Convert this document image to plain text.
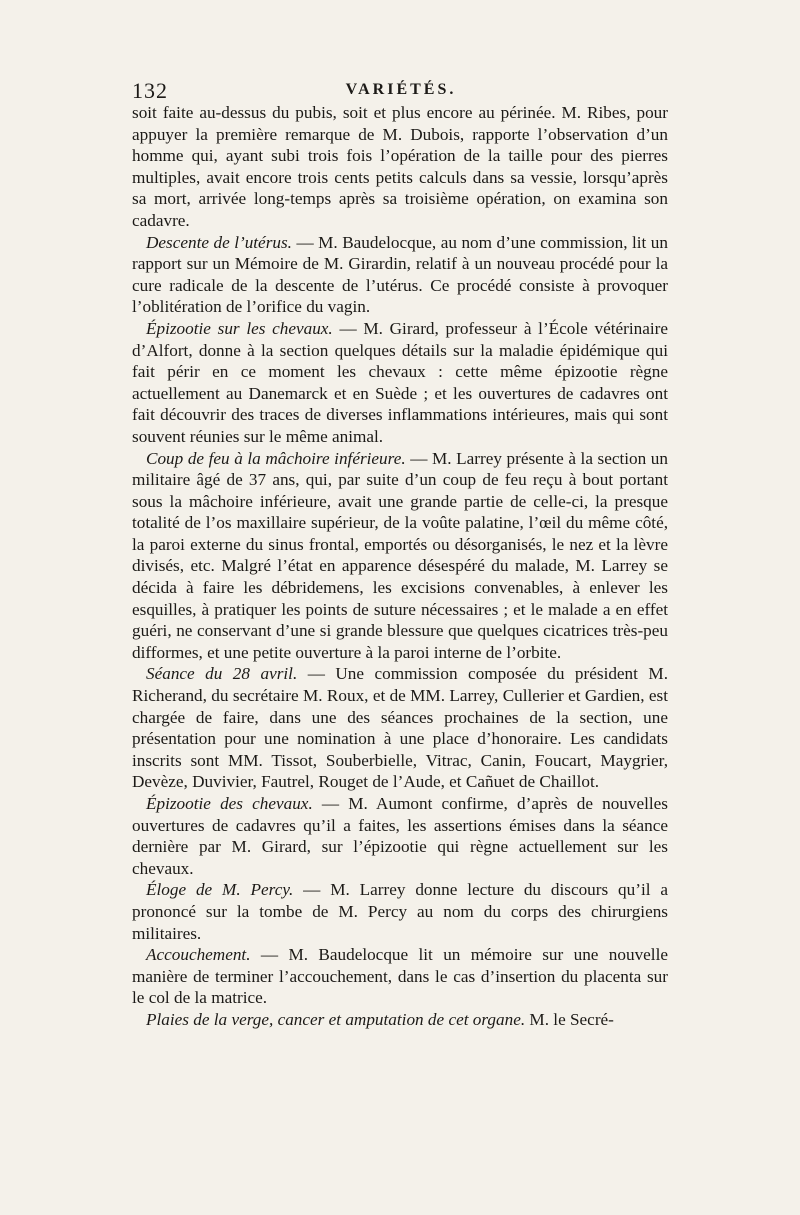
132	VARIÉTÉS.

soit faite au-dessus du pubis, soit et plus encore au périnée. M. Ribes, pour appuyer la première remarque de M. Dubois, rapporte l’observation d’un homme qui, ayant subi trois fois l’opération de la taille pour des pierres multiples, avait encore trois cents petits calculs dans sa vessie, lorsqu’après sa mort, arrivée long-temps après sa troisième opération, on examina son cadavre.

Descente de l’utérus. — M. Baudelocque, au nom d’une commission, lit un rapport sur un Mémoire de M. Girardin, relatif à un nouveau procédé pour la cure radicale de la descente de l’utérus. Ce procédé consiste à provoquer l’oblitération de l’orifice du vagin.

Épizootie sur les chevaux. — M. Girard, professeur à l’École vétérinaire d’Alfort, donne à la section quelques détails sur la maladie épidémique qui fait périr en ce moment les chevaux : cette même épizootie règne actuellement au Danemarck et en Suède ; et les ouvertures de cadavres ont fait découvrir des traces de diverses inflammations intérieures, mais qui sont souvent réunies sur le même animal.

Coup de feu à la mâchoire inférieure. — M. Larrey présente à la section un militaire âgé de 37 ans, qui, par suite d’un coup de feu reçu à bout portant sous la mâchoire inférieure, avait une grande partie de celle-ci, la presque totalité de l’os maxillaire supérieur, de la voûte palatine, l’œil du même côté, la paroi externe du sinus frontal, emportés ou désorganisés, le nez et la lèvre divisés, etc. Malgré l’état en apparence désespéré du malade, M. Larrey se décida à faire les débridemens, les excisions convenables, à enlever les esquilles, à pratiquer les points de suture nécessaires ; et le malade a en effet guéri, ne conservant d’une si grande blessure que quelques cicatrices très-peu difformes, et une petite ouverture à la paroi interne de l’orbite.

Séance du 28 avril. — Une commission composée du président M. Richerand, du secrétaire M. Roux, et de MM. Larrey, Cullerier et Gardien, est chargée de faire, dans une des séances prochaines de la section, une présentation pour une nomination à une place d’honoraire. Les candidats inscrits sont MM. Tissot, Souberbielle, Vitrac, Canin, Foucart, Maygrier, Devèze, Duvivier, Fautrel, Rouget de l’Aude, et Cañuet de Chaillot.

Épizootie des chevaux. — M. Aumont confirme, d’après de nouvelles ouvertures de cadavres qu’il a faites, les assertions émises dans la séance dernière par M. Girard, sur l’épizootie qui règne actuellement sur les chevaux.

Éloge de M. Percy. — M. Larrey donne lecture du discours qu’il a prononcé sur la tombe de M. Percy au nom du corps des chirurgiens militaires.

Accouchement. — M. Baudelocque lit un mémoire sur une nouvelle manière de terminer l’accouchement, dans le cas d’insertion du placenta sur le col de la matrice.

Plaies de la verge, cancer et amputation de cet organe. M. le Secré-
